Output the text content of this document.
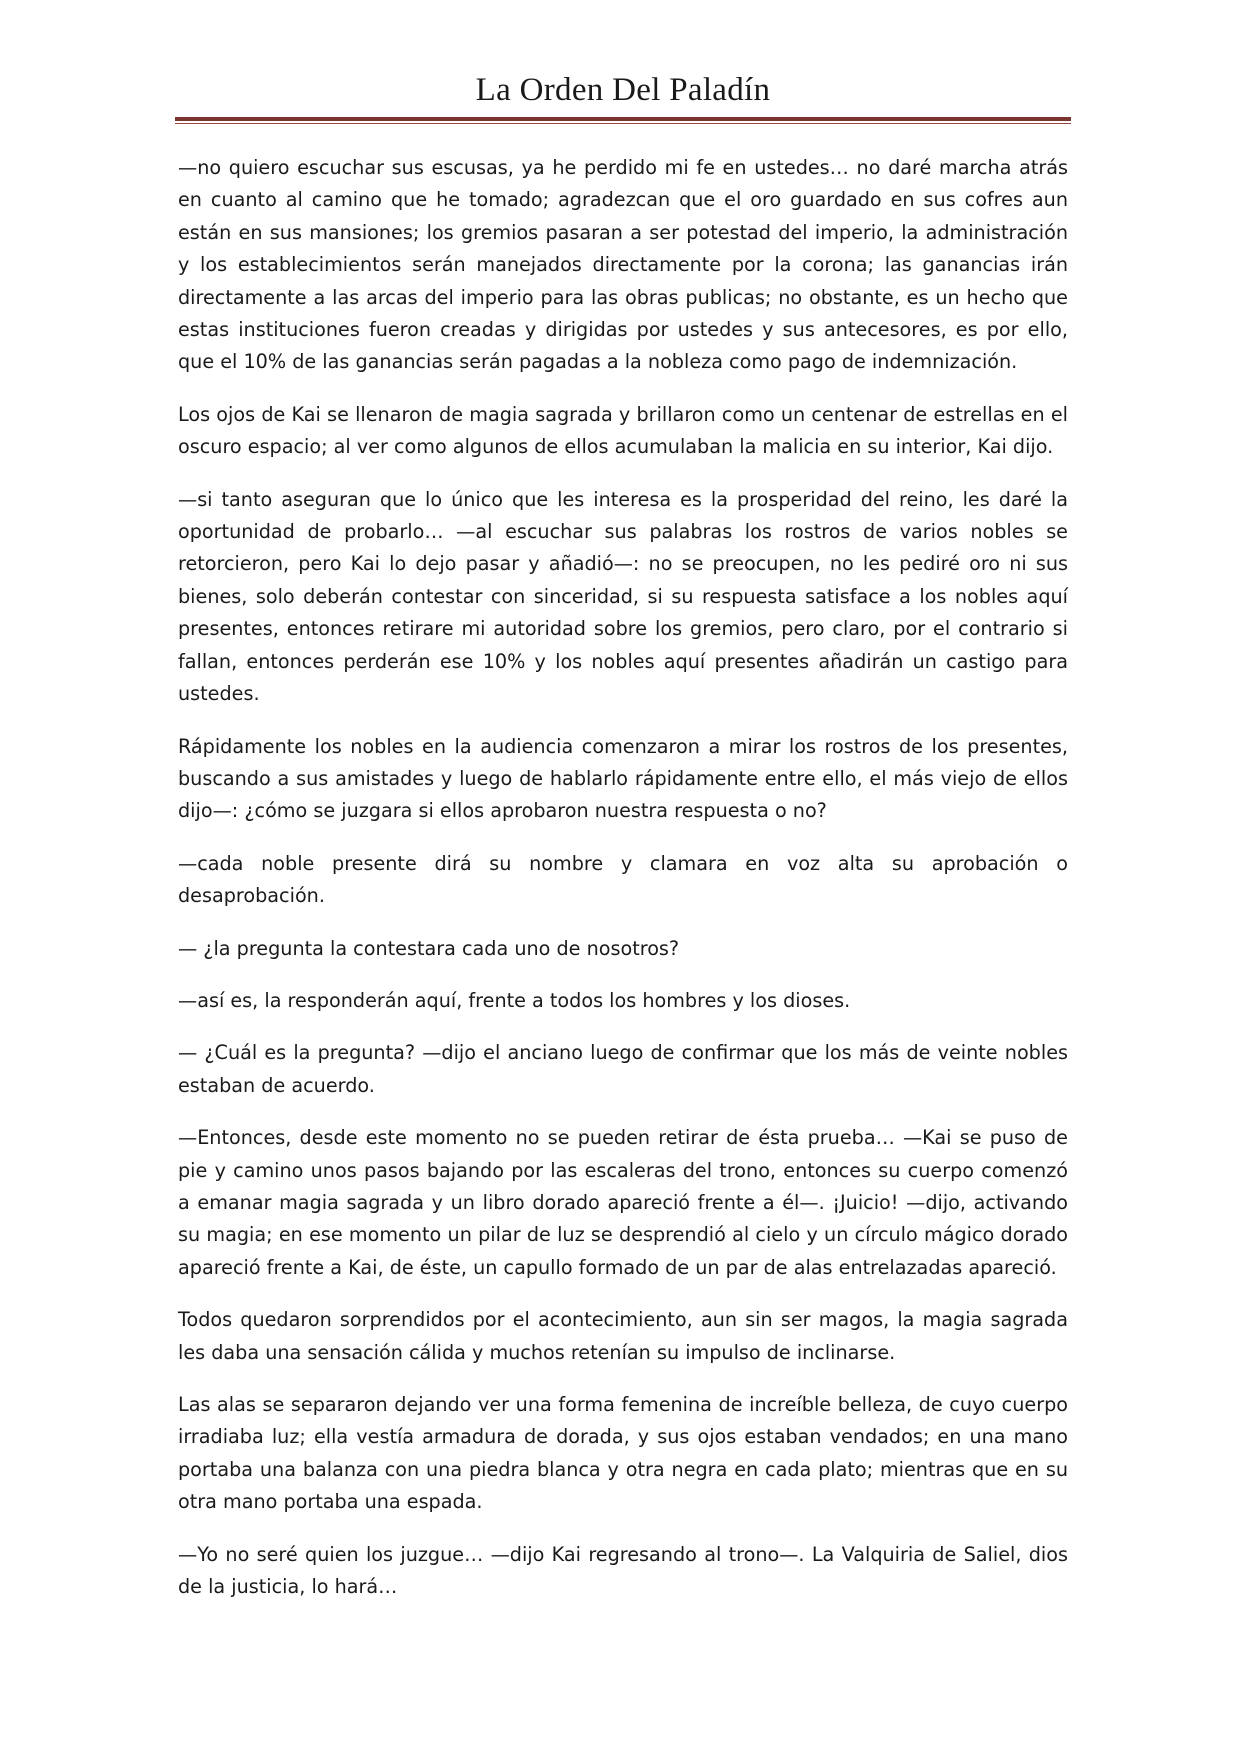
La Orden Del Paladín

—no quiero escuchar sus escusas, ya he perdido mi fe en ustedes… no daré marcha atrás en cuanto al camino que he tomado; agradezcan que el oro guardado en sus cofres aun están en sus mansiones; los gremios pasaran a ser potestad del imperio, la administración y los establecimientos serán manejados directamente por la corona; las ganancias irán directamente a las arcas del imperio para las obras publicas; no obstante, es un hecho que estas instituciones fueron creadas y dirigidas por ustedes y sus antecesores, es por ello, que el 10% de las ganancias serán pagadas a la nobleza como pago de indemnización.

Los ojos de Kai se llenaron de magia sagrada y brillaron como un centenar de estrellas en el oscuro espacio; al ver como algunos de ellos acumulaban la malicia en su interior, Kai dijo.

—si tanto aseguran que lo único que les interesa es la prosperidad del reino, les daré la oportunidad de probarlo… —al escuchar sus palabras los rostros de varios nobles se retorcieron, pero Kai lo dejo pasar y añadió—: no se preocupen, no les pediré oro ni sus bienes, solo deberán contestar con sinceridad, si su respuesta satisface a los nobles aquí presentes, entonces retirare mi autoridad sobre los gremios, pero claro, por el contrario si fallan, entonces perderán ese 10% y los nobles aquí presentes añadirán un castigo para ustedes.

Rápidamente los nobles en la audiencia comenzaron a mirar los rostros de los presentes, buscando a sus amistades y luego de hablarlo rápidamente entre ello, el más viejo de ellos dijo—: ¿cómo se juzgara si ellos aprobaron nuestra respuesta o no?

—cada noble presente dirá su nombre y clamara en voz alta su aprobación o desaprobación.

— ¿la pregunta la contestara cada uno de nosotros?

—así es, la responderán aquí, frente a todos los hombres y los dioses.

— ¿Cuál es la pregunta? —dijo el anciano luego de confirmar que los más de veinte nobles estaban de acuerdo.

—Entonces, desde este momento no se pueden retirar de ésta prueba… —Kai se puso de pie y camino unos pasos bajando por las escaleras del trono, entonces su cuerpo comenzó a emanar magia sagrada y un libro dorado apareció frente a él—. ¡Juicio! —dijo, activando su magia; en ese momento un pilar de luz se desprendió al cielo y un círculo mágico dorado apareció frente a Kai, de éste, un capullo formado de un par de alas entrelazadas apareció.

Todos quedaron sorprendidos por el acontecimiento, aun sin ser magos, la magia sagrada les daba una sensación cálida y muchos retenían su impulso de inclinarse.

Las alas se separaron dejando ver una forma femenina de increíble belleza, de cuyo cuerpo irradiaba luz; ella vestía armadura de dorada, y sus ojos estaban vendados; en una mano portaba una balanza con una piedra blanca y otra negra en cada plato; mientras que en su otra mano portaba una espada.

—Yo no seré quien los juzgue… —dijo Kai regresando al trono—. La Valquiria de Saliel, dios de la justicia, lo hará…
